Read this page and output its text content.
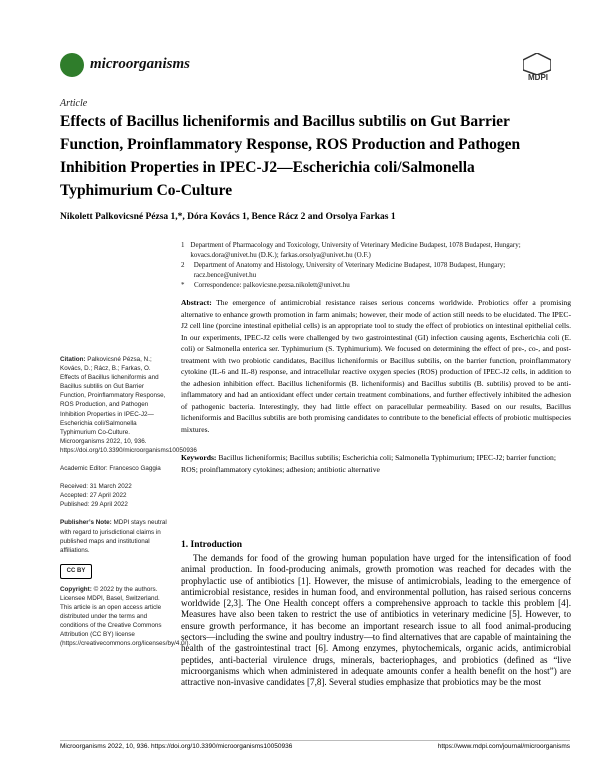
microorganisms
MDPI
Article
Effects of Bacillus licheniformis and Bacillus subtilis on Gut Barrier Function, Proinflammatory Response, ROS Production and Pathogen Inhibition Properties in IPEC-J2—Escherichia coli/Salmonella Typhimurium Co-Culture
Nikolett Palkovicsné Pézsa 1,*, Dóra Kovács 1, Bence Rácz 2 and Orsolya Farkas 1
1 Department of Pharmacology and Toxicology, University of Veterinary Medicine Budapest, 1078 Budapest, Hungary; kovacs.dora@univet.hu (D.K.); farkas.orsolya@univet.hu (O.F.)
2	Department of Anatomy and Histology, University of Veterinary Medicine Budapest, 1078 Budapest, Hungary; racz.bence@univet.hu
*	Correspondence: palkovicsne.pezsa.nikolett@univet.hu
Abstract: The emergence of antimicrobial resistance raises serious concerns worldwide. Probiotics offer a promising alternative to enhance growth promotion in farm animals; however, their mode of action still needs to be elucidated. The IPEC-J2 cell line (porcine intestinal epithelial cells) is an appropriate tool to study the effect of probiotics on intestinal epithelial cells. In our experiments, IPEC-J2 cells were challenged by two gastrointestinal (GI) infection causing agents, Escherichia coli (E. coli) or Salmonella enterica ser. Typhimurium (S. Typhimurium). We focused on determining the effect of pre-, co-, and post-treatment with two probiotic candidates, Bacillus licheniformis or Bacillus subtilis, on the barrier function, proinflammatory cytokine (IL-6 and IL-8) response, and intracellular reactive oxygen species (ROS) production of IPEC-J2 cells, in addition to the adhesion inhibition effect. Bacillus licheniformis (B. licheniformis) and Bacillus subtilis (B. subtilis) proved to be anti-inflammatory and had an antioxidant effect under certain treatment combinations, and further effectively inhibited the adhesion of pathogenic bacteria. Interestingly, they had little effect on paracellular permeability. Based on our results, Bacillus licheniformis and Bacillus subtilis are both promising candidates to contribute to the beneficial effects of probiotic multispecies mixtures.
Keywords: Bacillus licheniformis; Bacillus subtilis; Escherichia coli; Salmonella Typhimurium; IPEC-J2; barrier function; ROS; proinflammatory cytokines; adhesion; antibiotic alternative

Citation: Palkovicsné Pézsa, N.; Kovács, D.; Rácz, B.; Farkas, O. Effects of Bacillus licheniformis and Bacillus subtilis on Gut Barrier Function, Proinflammatory Response, ROS Production, and Pathogen Inhibition Properties in IPEC-J2—Escherichia coli/Salmonella Typhimurium Co-Culture. Microorganisms 2022, 10, 936. https://doi.org/10.3390/microorganisms10050936

Academic Editor: Francesco Gaggia

Received: 31 March 2022

Accepted: 27 April 2022

Published: 29 April 2022

Publisher’s Note: MDPI stays neutral with regard to jurisdictional claims in published maps and institutional affiliations.

CC BY

Copyright: © 2022 by the authors. Licensee MDPI, Basel, Switzerland. This article is an open access article distributed under the terms and conditions of the Creative Commons Attribution (CC BY) license (https://creativecommons.org/licenses/by/4.0/).

1. Introduction
The demands for food of the growing human population have urged for the intensification of food animal production. In food-producing animals, growth promotion was reached for decades with the prophylactic use of antibiotics [1]. However, the misuse of antimicrobials, leading to the emergence of antimicrobial resistance, resides in human food, and environmental pollution, has raised serious concerns worldwide [2,3]. The One Health concept offers a comprehensive approach to tackle this problem [4]. Measures have also been taken to restrict the use of antibiotics in veterinary medicine [5]. However, to ensure growth performance, it has become an important research issue to all food animal-producing sectors—including the swine and poultry industry—to find alternatives that are capable of maintaining the health of the gastrointestinal tract [6]. Among enzymes, phytochemicals, organic acids, antimicrobial peptides, anti-bacterial virulence drugs, minerals, bacteriophages, and probiotics (defined as “live microorganisms which when administered in adequate amounts confer a health benefit on the host”) are attractive non-invasive candidates [7,8]. Several studies emphasize that probiotics may be the most
Microorganisms 2022, 10, 936. https://doi.org/10.3390/microorganisms10050936	https://www.mdpi.com/journal/microorganisms
